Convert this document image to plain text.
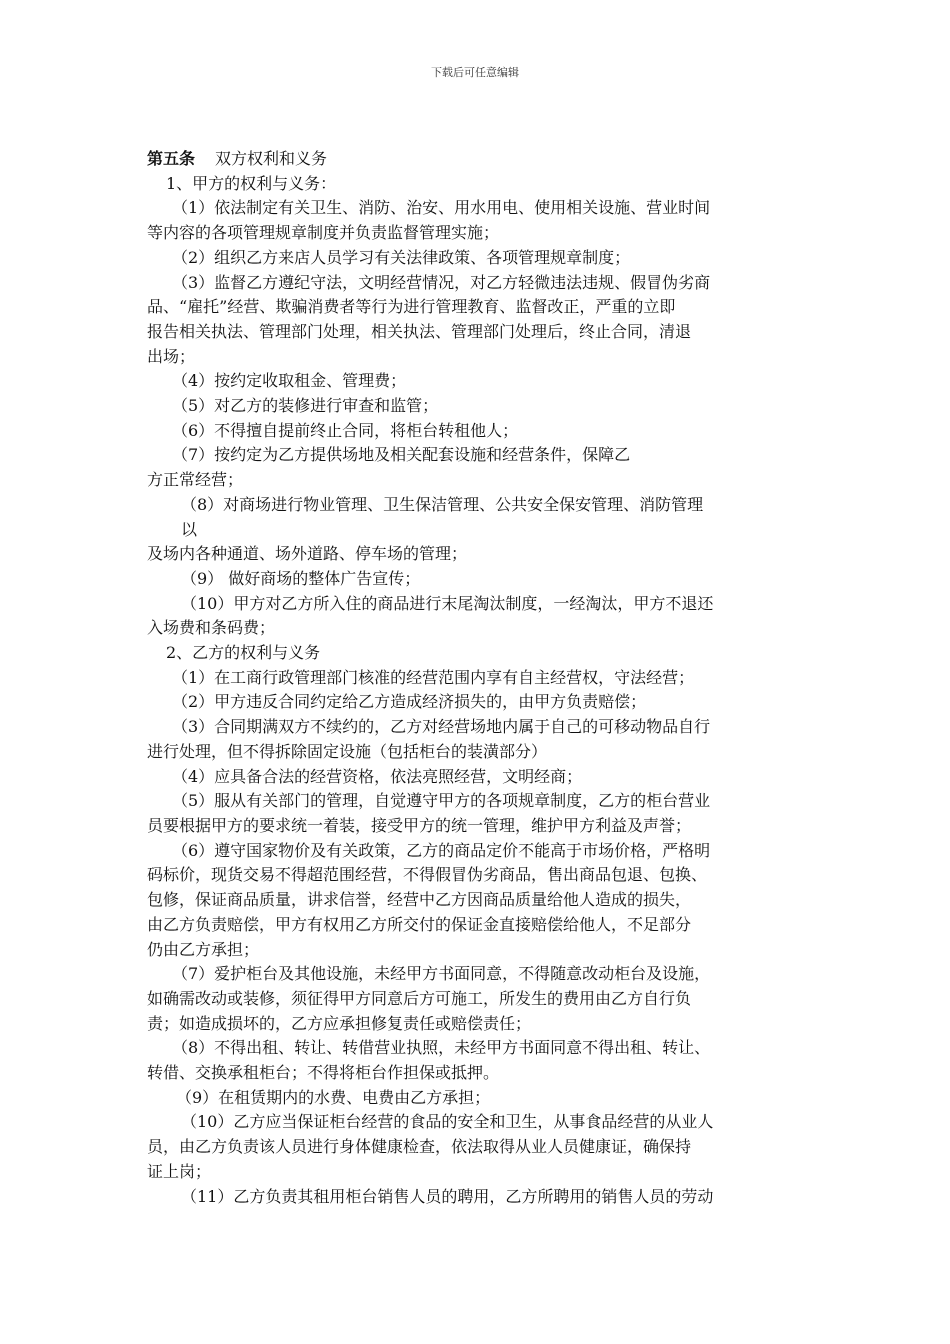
下载后可任意编辑

第五条 双方权利和义务

1、甲方的权利与义务：

（1）依法制定有关卫生、消防、治安、用水用电、使用相关设施、营业时间

等内容的各项管理规章制度并负责监督管理实施；

（2）组织乙方来店人员学习有关法律政策、各项管理规章制度；

（3）监督乙方遵纪守法，文明经营情况，对乙方轻微违法违规、假冒伪劣商

品、“雇托”经营、欺骗消费者等行为进行管理教育、监督改正，严重的立即

报告相关执法、管理部门处理，相关执法、管理部门处理后，终止合同，清退

出场；

（4）按约定收取租金、管理费；

（5）对乙方的装修进行审查和监管；

（6）不得擅自提前终止合同，将柜台转租他人；

（7）按约定为乙方提供场地及相关配套设施和经营条件，保障乙

方正常经营；

（8）对商场进行物业管理、卫生保洁管理、公共安全保安管理、消防管理

以

及场内各种通道、场外道路、停车场的管理；

（9） 做好商场的整体广告宣传；

（10）甲方对乙方所入住的商品进行末尾淘汰制度，一经淘汰，甲方不退还

入场费和条码费；

2、乙方的权利与义务

（1）在工商行政管理部门核准的经营范围内享有自主经营权，守法经营；

（2）甲方违反合同约定给乙方造成经济损失的，由甲方负责赔偿；

（3）合同期满双方不续约的，乙方对经营场地内属于自己的可移动物品自行

进行处理，但不得拆除固定设施（包括柜台的装潢部分）

（4）应具备合法的经营资格，依法亮照经营，文明经商；

（5）服从有关部门的管理，自觉遵守甲方的各项规章制度，乙方的柜台营业

员要根据甲方的要求统一着装，接受甲方的统一管理，维护甲方利益及声誉；

（6）遵守国家物价及有关政策，乙方的商品定价不能高于市场价格，严格明

码标价，现货交易不得超范围经营，不得假冒伪劣商品，售出商品包退、包换、

包修，保证商品质量，讲求信誉，经营中乙方因商品质量给他人造成的损失，

由乙方负责赔偿，甲方有权用乙方所交付的保证金直接赔偿给他人，不足部分

仍由乙方承担；

（7）爱护柜台及其他设施，未经甲方书面同意，不得随意改动柜台及设施，

如确需改动或装修，须征得甲方同意后方可施工，所发生的费用由乙方自行负

责；如造成损坏的，乙方应承担修复责任或赔偿责任；

（8）不得出租、转让、转借营业执照，未经甲方书面同意不得出租、转让、

转借、交换承租柜台；不得将柜台作担保或抵押。

（9）在租赁期内的水费、电费由乙方承担；

（10）乙方应当保证柜台经营的食品的安全和卫生，从事食品经营的从业人

员，由乙方负责该人员进行身体健康检查，依法取得从业人员健康证，确保持

证上岗；

（11）乙方负责其租用柜台销售人员的聘用，乙方所聘用的销售人员的劳动
